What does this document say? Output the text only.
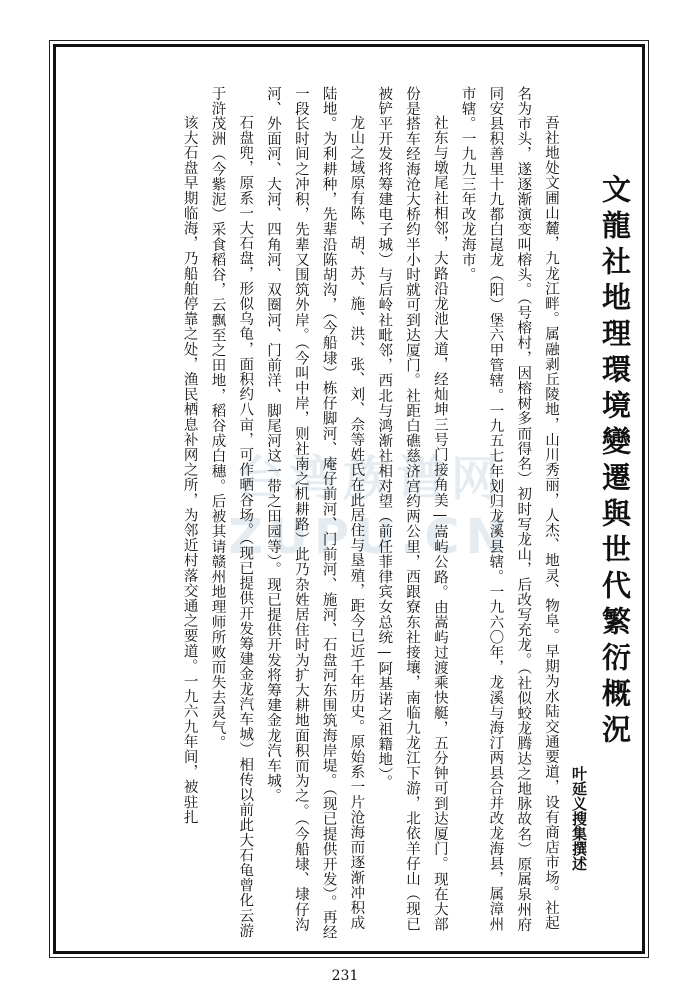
台湾族谱网 ZUPU.CN	文龍社地理環境變遷與世代繁衍概況
叶延义搜集撰述

吾社地处文圃山麓，九龙江畔。属融剥丘陵地，山川秀丽，人杰、地灵、物阜。早期为水陆交通要道，设有商店市场。社起名为市头，遂逐渐演变叫榕头。（号榕村，因榕树多而得名）初时写龙山，后改写充龙。（社似蛟龙腾达之地脉故名）原属泉州府同安县积善里十九都白崑龙（阳）堡六甲管辖。一九五七年划归龙溪县辖。一九六〇年，龙溪与海汀两县合并改龙海县，属漳州市辖。一九九三年改龙海市。

社东与墩尾社相邻，大路沿龙池大道，经灿坤三号门接角美—嵩屿公路。由嵩屿过渡乘快艇，五分钟可到达厦门。现在大部份是搭车经海沧大桥约半小时就可到达厦门。社距白礁慈济宫约两公里，西跟寮东社接壤，南临九龙江下游，北依羊仔山（现已被铲平开发将筹建电子城）与后岭社毗邻，西北与鸿渐社相对望（前任菲律宾女总统—阿基诺之祖籍地）。

龙山之域原有陈、胡、苏、施、洪、张、刘、佘等姓氏在此居住与垦殖，距今已近千年历史。原始系一片沧海而逐渐冲积成陆地。为利耕种，先辈沿陈胡沟，（今船埭）栋仔脚河、庵仔前河、门前河、施河、石盘河东围筑海岸堤。（现已提供开发）。再经一段长时间之冲积，先辈又围筑外岸。（今叫中岸，则社南之机耕路）此乃杂姓居住时为扩大耕地面积而为之。（今船埭、埭仔沟河、外面河、大河、四角河、双圈河、门前洋、脚尾河这一带之田园等）。现已提供开发将筹建金龙汽车城。

石盘兜，原系一大石盘，形似乌龟，面积约八亩，可作晒谷场。（现已提供开发筹建金龙汽车城）相传以前此大石龟曾化云游于浒茂洲（今紫泥）采食稻谷，云飘至之田地，稻谷成白穗。后被其请赣州地理师所败而失去灵气。

该大石盘早期临海，乃船舶停靠之处，渔民栖息补网之所，为邻近村落交通之要道。一九六九年间，被驻扎

231
